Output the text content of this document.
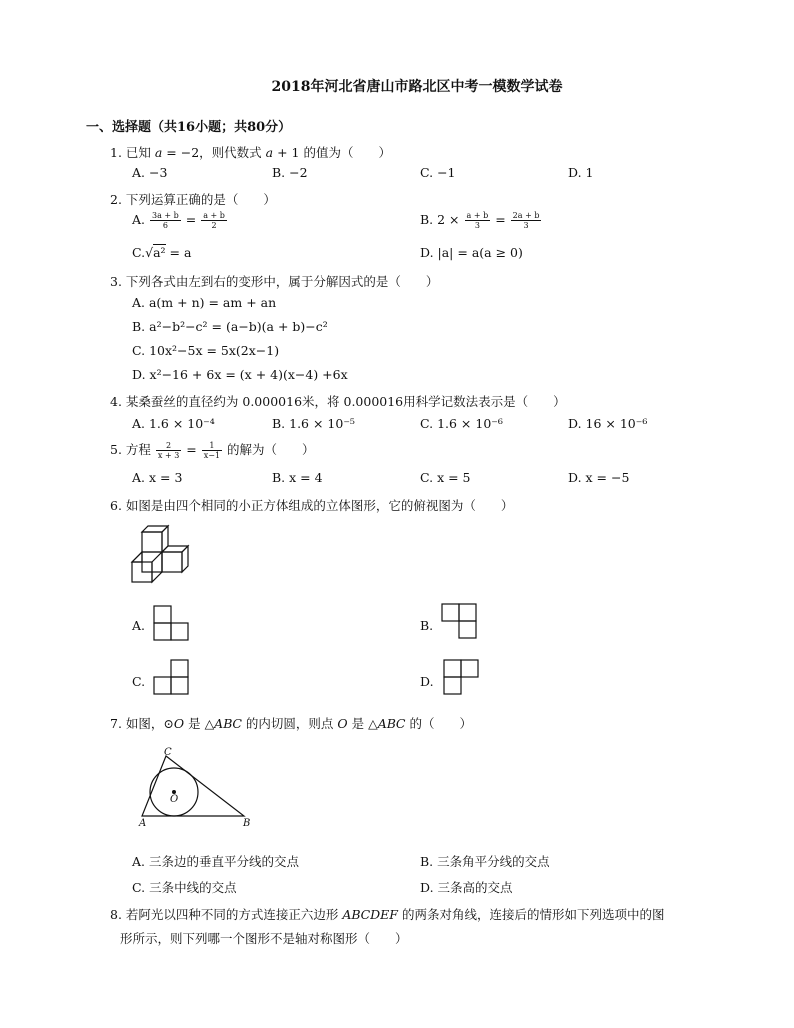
2018年河北省唐山市路北区中考一模数学试卷
一、选择题（共16小题；共80分）
1. 已知 𝑎 = −2，则代数式 𝑎 + 1 的值为（　　）
A. −3	B. −2	C. −1	D. 1
2. 下列运算正确的是（　　）
A. $\frac{3a + b}{6} = \frac{a + b}{2}$	B. $2 \times \frac{a + b}{3} = \frac{2a + b}{3}$
C.√a² = a	D. |a| = a(a ≥ 0)
3. 下列各式由左到右的变形中，属于分解因式的是（　　）
A. a(m + n) = am + an
B. a²−b²−c² = (a−b)(a + b)−c²
C. 10x²−5x = 5x(2x−1)
D. x²−16 + 6x = (x + 4)(x−4) +6x
4. 某桑蚕丝的直径约为 0.000016米，将 0.000016用科学记数法表示是（　　）
A. 1.6 × 10⁻⁴	B. 1.6 × 10⁻⁵	C. 1.6 × 10⁻⁶	D. 16 × 10⁻⁶
5. 方程 $\frac{2}{x + 3} = \frac{1}{x-1}$ 的解为（　　）
A. x = 3	B. x = 4	C. x = 5	D. x = −5
6. 如图是由四个相同的小正方体组成的立体图形，它的俯视图为（　　）
A.	B.
C.	D.
7. 如图，⊙𝑂 是 △𝐴𝐵𝐶 的内切圆，则点 𝑂 是 △𝐴𝐵𝐶 的（　　）
C
O
A	B
A. 三条边的垂直平分线的交点	B. 三条角平分线的交点
C. 三条中线的交点	D. 三条高的交点
8. 若阿光以四种不同的方式连接正六边形 𝐴𝐵𝐶𝐷𝐸𝐹 的两条对角线，连接后的情形如下列选项中的图
形所示，则下列哪一个图形不是轴对称图形（　　）
